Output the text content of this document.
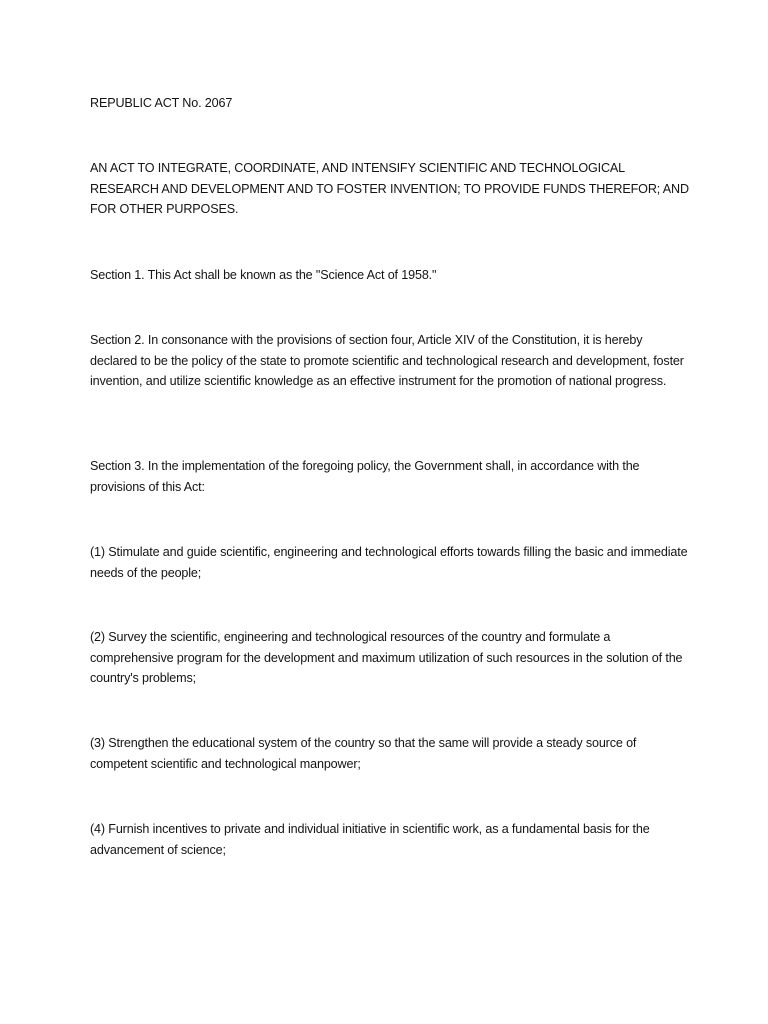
REPUBLIC ACT No. 2067

AN ACT TO INTEGRATE, COORDINATE, AND INTENSIFY SCIENTIFIC AND TECHNOLOGICAL RESEARCH AND DEVELOPMENT AND TO FOSTER INVENTION; TO PROVIDE FUNDS THEREFOR; AND FOR OTHER PURPOSES.

Section 1. This Act shall be known as the "Science Act of 1958."

Section 2. In consonance with the provisions of section four, Article XIV of the Constitution, it is hereby declared to be the policy of the state to promote scientific and technological research and development, foster invention, and utilize scientific knowledge as an effective instrument for the promotion of national progress.

Section 3. In the implementation of the foregoing policy, the Government shall, in accordance with the provisions of this Act:

(1) Stimulate and guide scientific, engineering and technological efforts towards filling the basic and immediate needs of the people;

(2) Survey the scientific, engineering and technological resources of the country and formulate a comprehensive program for the development and maximum utilization of such resources in the solution of the country's problems;

(3) Strengthen the educational system of the country so that the same will provide a steady source of competent scientific and technological manpower;

(4) Furnish incentives to private and individual initiative in scientific work, as a fundamental basis for the advancement of science;
